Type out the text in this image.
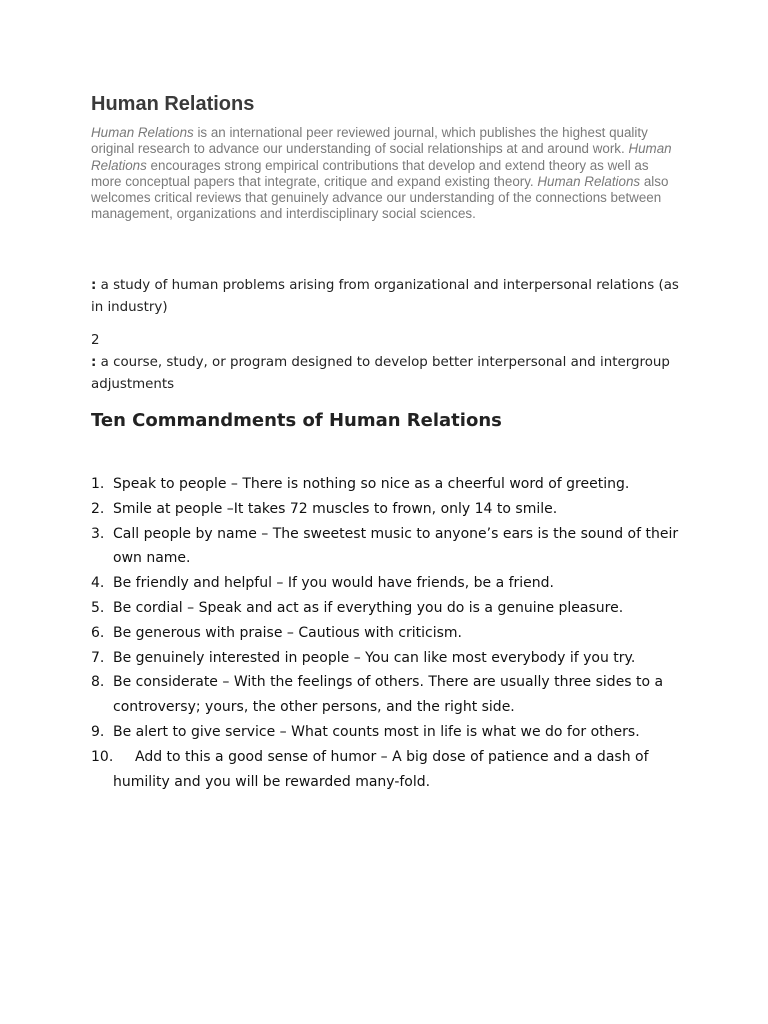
Human Relations

Human Relations is an international peer reviewed journal, which publishes the highest quality original research to advance our understanding of social relationships at and around work. Human Relations encourages strong empirical contributions that develop and extend theory as well as more conceptual papers that integrate, critique and expand existing theory. Human Relations also welcomes critical reviews that genuinely advance our understanding of the connections between management, organizations and interdisciplinary social sciences.

: a study of human problems arising from organizational and interpersonal relations (as in industry)

2

: a course, study, or program designed to develop better interpersonal and intergroup adjustments

Ten Commandments of Human Relations
1. Speak to people – There is nothing so nice as a cheerful word of greeting.
2. Smile at people –It takes 72 muscles to frown, only 14 to smile.
3. Call people by name – The sweetest music to anyone’s ears is the sound of their own name.
4. Be friendly and helpful – If you would have friends, be a friend.
5. Be cordial – Speak and act as if everything you do is a genuine pleasure.
6. Be generous with praise – Cautious with criticism.
7. Be genuinely interested in people – You can like most everybody if you try.
8. Be considerate – With the feelings of others. There are usually three sides to a controversy; yours, the other persons, and the right side.
9. Be alert to give service – What counts most in life is what we do for others.
10. Add to this a good sense of humor – A big dose of patience and a dash of humility and you will be rewarded many-fold.
